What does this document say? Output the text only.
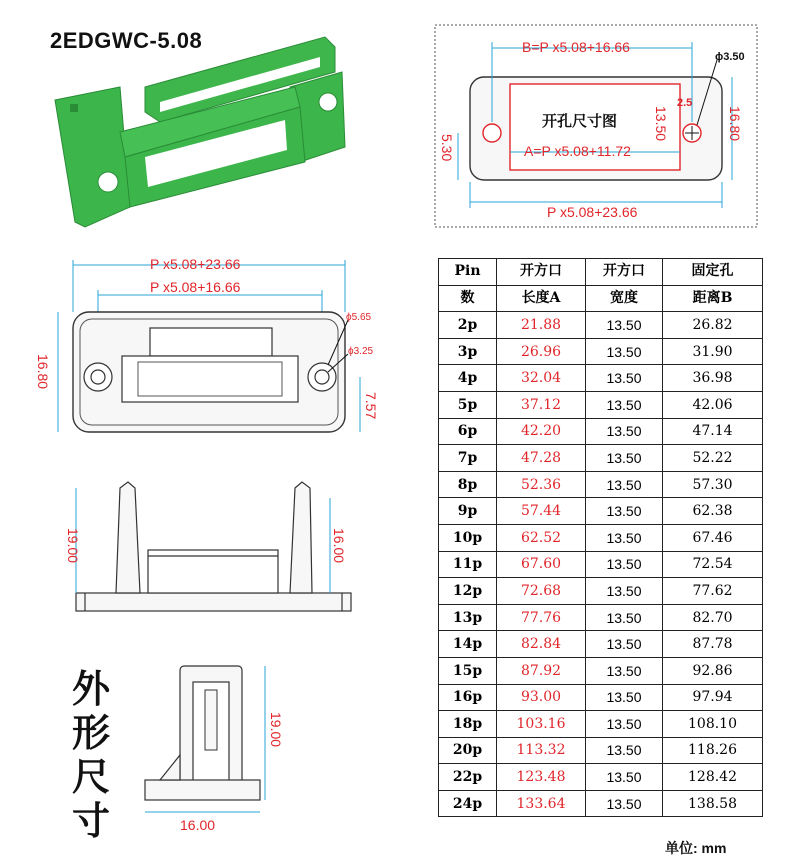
2EDGWC-5.08	B=P x5.08+16.66
A=P x5.08+11.72
P x5.08+23.66
开孔尺寸图
ϕ3.50
2.5
13.50	16.80
5.30
P x5.08+23.66
P x5.08+16.66
16.80
7.57
ϕ5.65
ϕ3.25
19.00	16.00
外形尺寸
19.00
16.00
Pin	开方口	开方口	固定孔
数	长度A	宽度	距离B
2p	21.88	13.50	26.82
3p	26.96	13.50	31.90
4p	32.04	13.50	36.98
5p	37.12	13.50	42.06
6p	42.20	13.50	47.14
7p	47.28	13.50	52.22
8p	52.36	13.50	57.30
9p	57.44	13.50	62.38
10p	62.52	13.50	67.46
11p	67.60	13.50	72.54
12p	72.68	13.50	77.62
13p	77.76	13.50	82.70
14p	82.84	13.50	87.78
15p	87.92	13.50	92.86
16p	93.00	13.50	97.94
18p	103.16	13.50	108.10
20p	113.32	13.50	118.26
22p	123.48	13.50	128.42
24p	133.64	13.50	138.58
单位: mm
